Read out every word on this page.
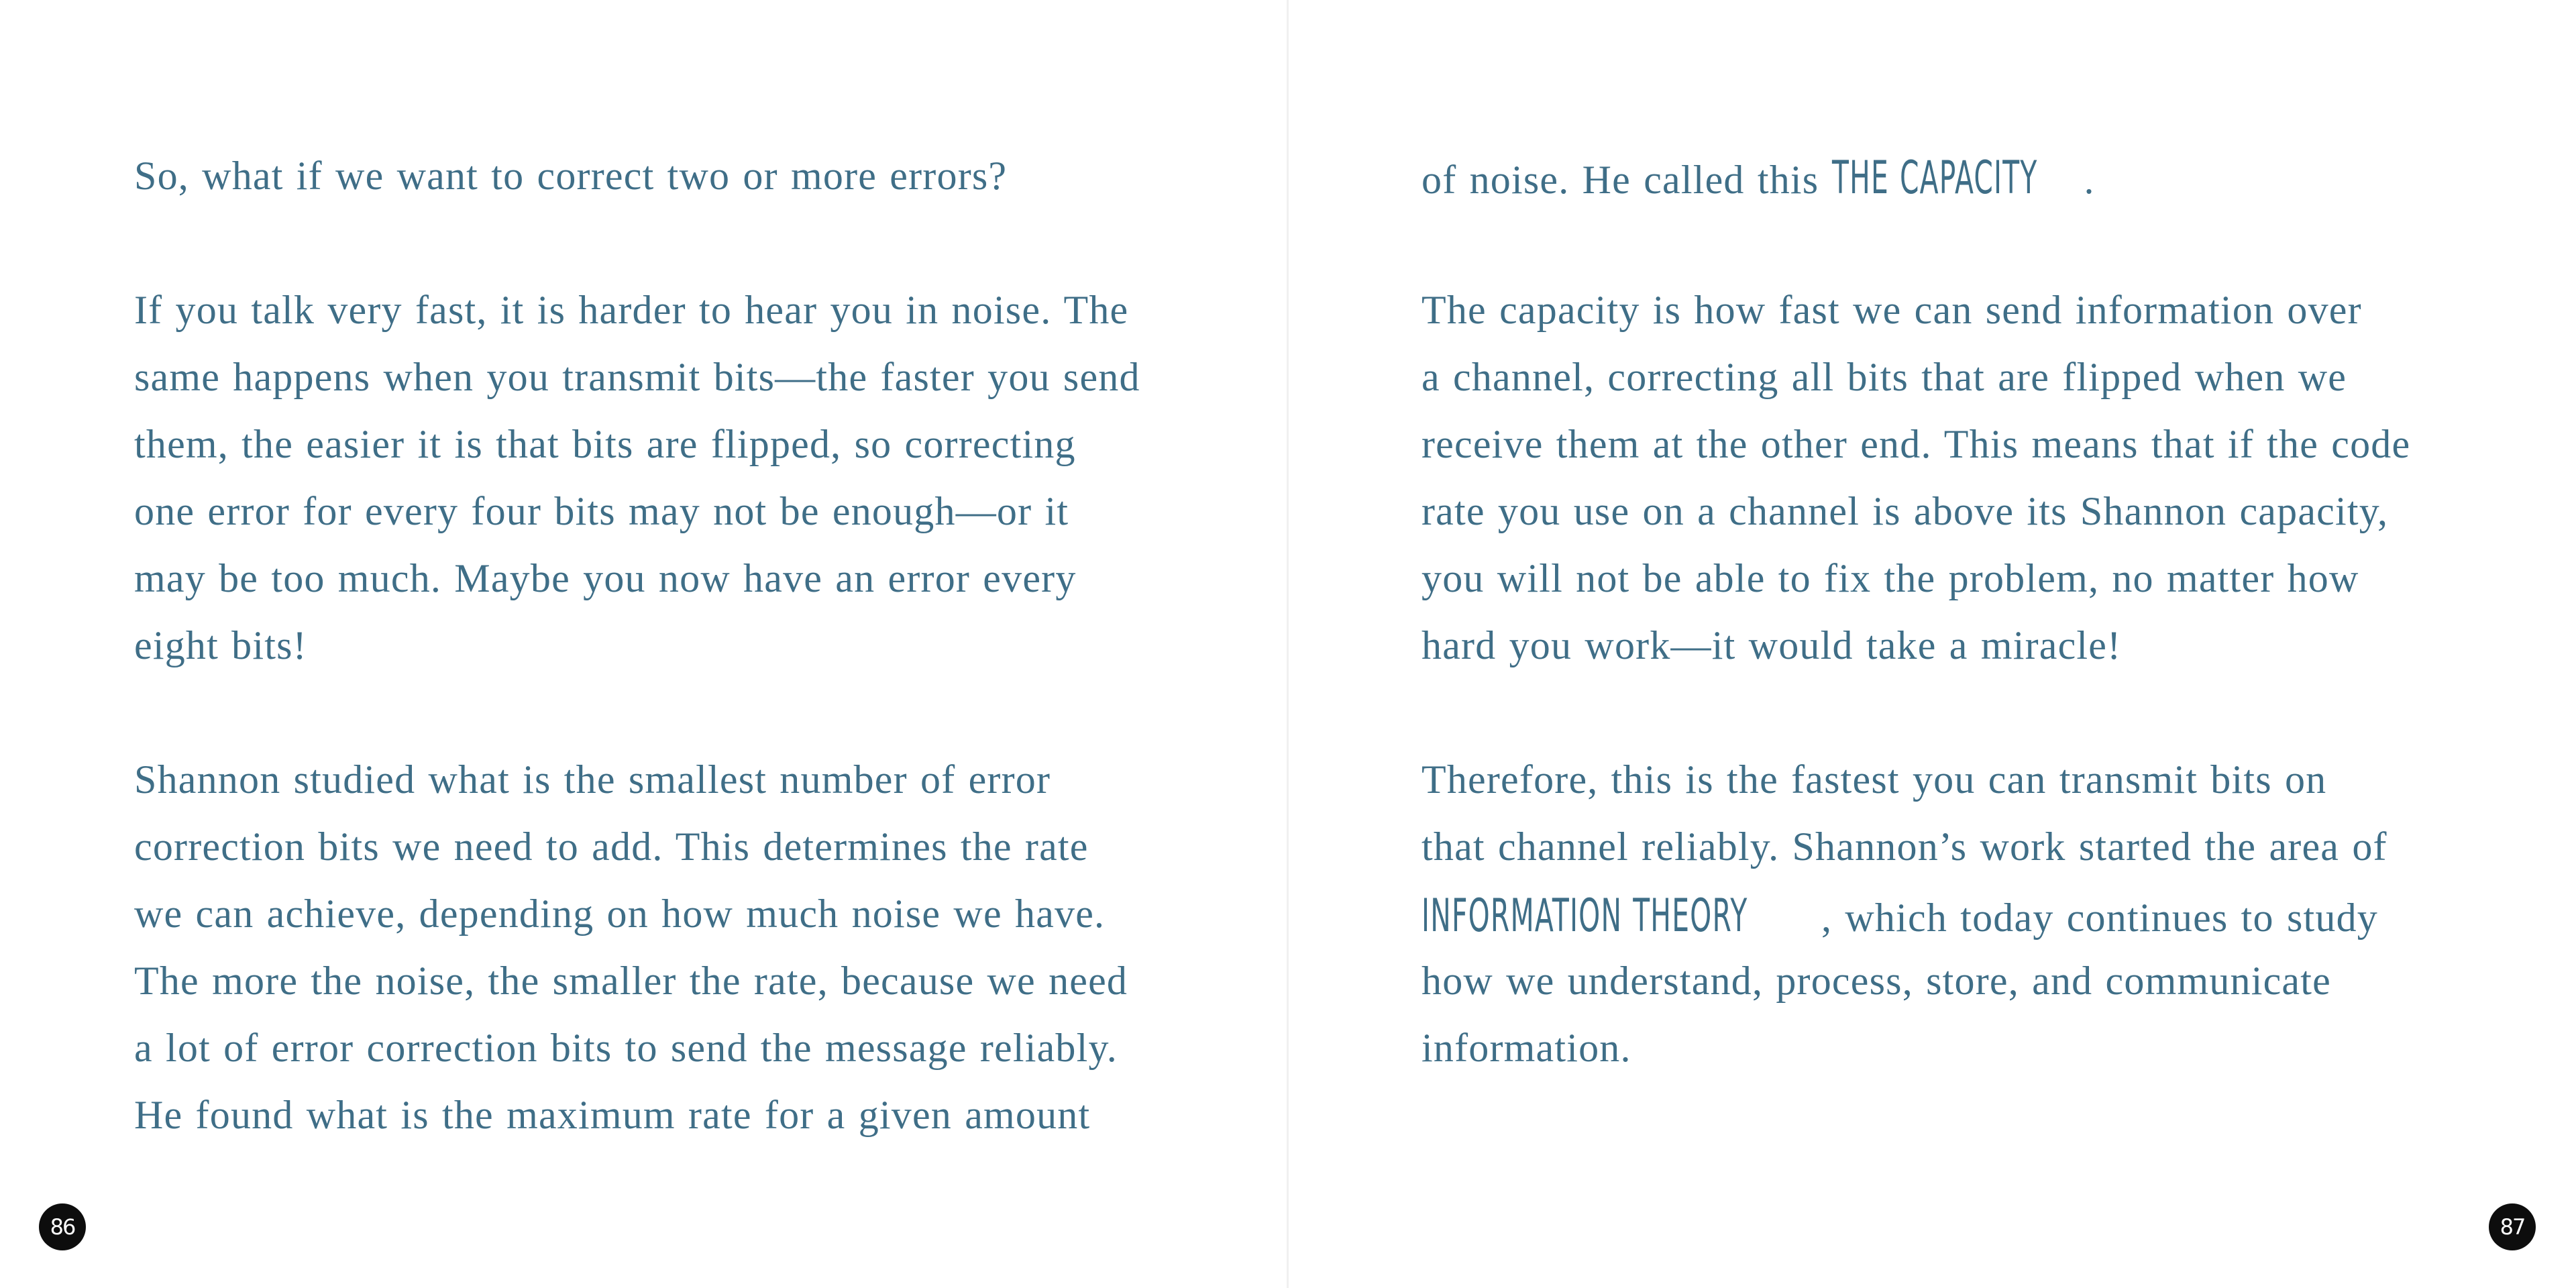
So, what if we want to correct two or more errors?
If you talk very fast, it is harder to hear you in noise. The
same happens when you transmit bits—the faster you send
them, the easier it is that bits are flipped, so correcting
one error for every four bits may not be enough—or it
may be too much. Maybe you now have an error every
eight bits!
Shannon studied what is the smallest number of error
correction bits we need to add. This determines the rate
we can achieve, depending on how much noise we have.
The more the noise, the smaller the rate, because we need
a lot of error correction bits to send the message reliably.
He found what is the maximum rate for a given amount
86
of noise. He called this THE CAPACITY .
The capacity is how fast we can send information over
a channel, correcting all bits that are flipped when we
receive them at the other end. This means that if the code
rate you use on a channel is above its Shannon capacity,
you will not be able to fix the problem, no matter how
hard you work—it would take a miracle!
Therefore, this is the fastest you can transmit bits on
that channel reliably. Shannon’s work started the area of
INFORMATION THEORY , which today continues to study
how we understand, process, store, and communicate
information.
87
